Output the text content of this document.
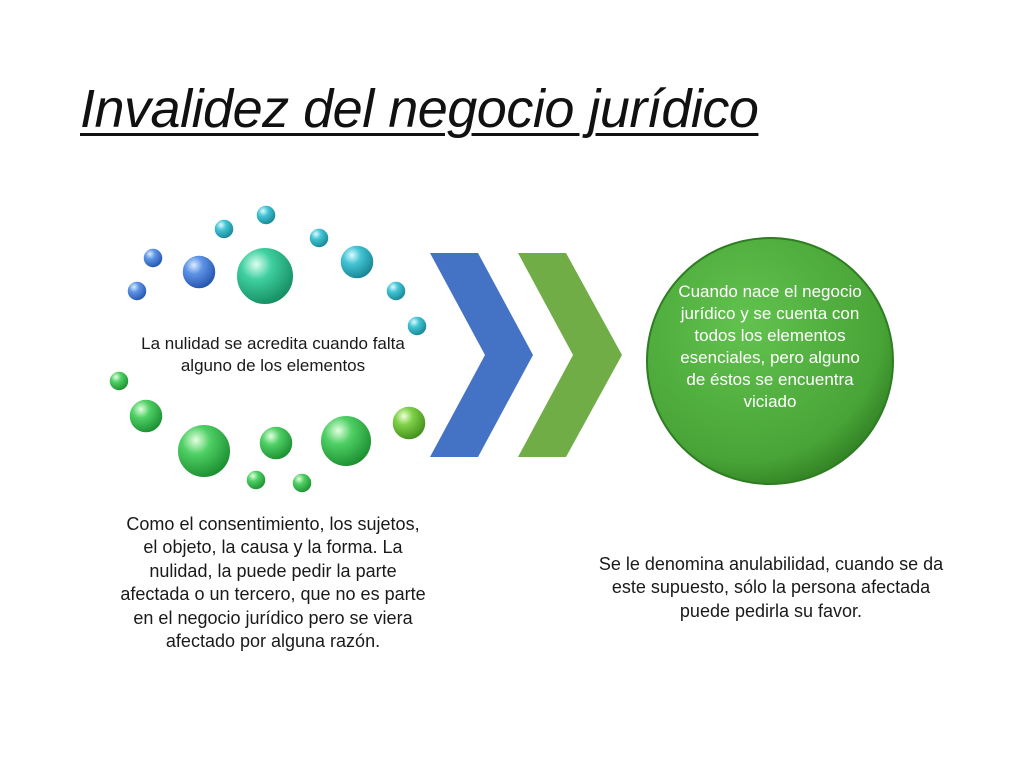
Invalidez del negocio jurídico
La nulidad se acredita cuando falta alguno de los elementos
Como el consentimiento, los sujetos, el objeto, la causa y la forma. La nulidad, la puede pedir la parte afectada o un tercero, que no es parte en el negocio jurídico pero se viera afectado por alguna razón.
Cuando nace el negocio jurídico y se cuenta con todos los elementos esenciales, pero alguno de éstos se encuentra viciado
Se le denomina anulabilidad, cuando se da este supuesto, sólo la persona afectada puede pedirla su favor.
